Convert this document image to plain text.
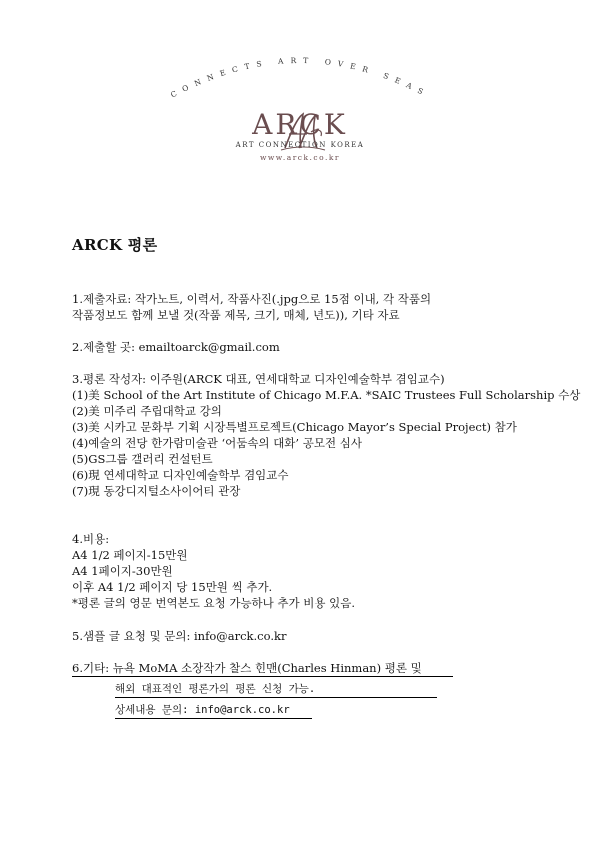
CONNECTS ART OVER SEAS
ARCK
ART CONNECTION KOREA
www.arck.co.kr
ARCK 평론
1.제출자료: 작가노트, 이력서, 작품사진(.jpg으로 15점 이내, 각 작품의
작품정보도 함께 보낼 것(작품 제목, 크기, 매체, 년도)), 기타 자료
2.제출할 곳: emailtoarck@gmail.com
3.평론 작성자: 이주원(ARCK 대표, 연세대학교 디자인예술학부 겸임교수)
(1)美 School of the Art Institute of Chicago M.F.A. *SAIC Trustees Full Scholarship 수상
(2)美 미주리 주립대학교 강의
(3)美 시카고 문화부 기획 시장특별프로젝트(Chicago Mayor’s Special Project) 참가
(4)예술의 전당 한가람미술관 ‘어둠속의 대화’ 공모전 심사
(5)GS그룹 갤러리 컨설턴트
(6)現 연세대학교 디자인예술학부 겸임교수
(7)現 동강디지털소사이어티 관장
4.비용:
A4 1/2 페이지-15만원
A4 1페이지-30만원
이후 A4 1/2 페이지 당 15만원 씩 추가.
*평론 글의 영문 번역본도 요청 가능하나 추가 비용 있음.
5.샘플 글 요청 및 문의: info@arck.co.kr
6.기타: 뉴욕 MoMA 소장작가 찰스 힌맨(Charles Hinman) 평론 및
해외 대표적인 평론가의 평론 신청 가능.
상세내용 문의: info@arck.co.kr
